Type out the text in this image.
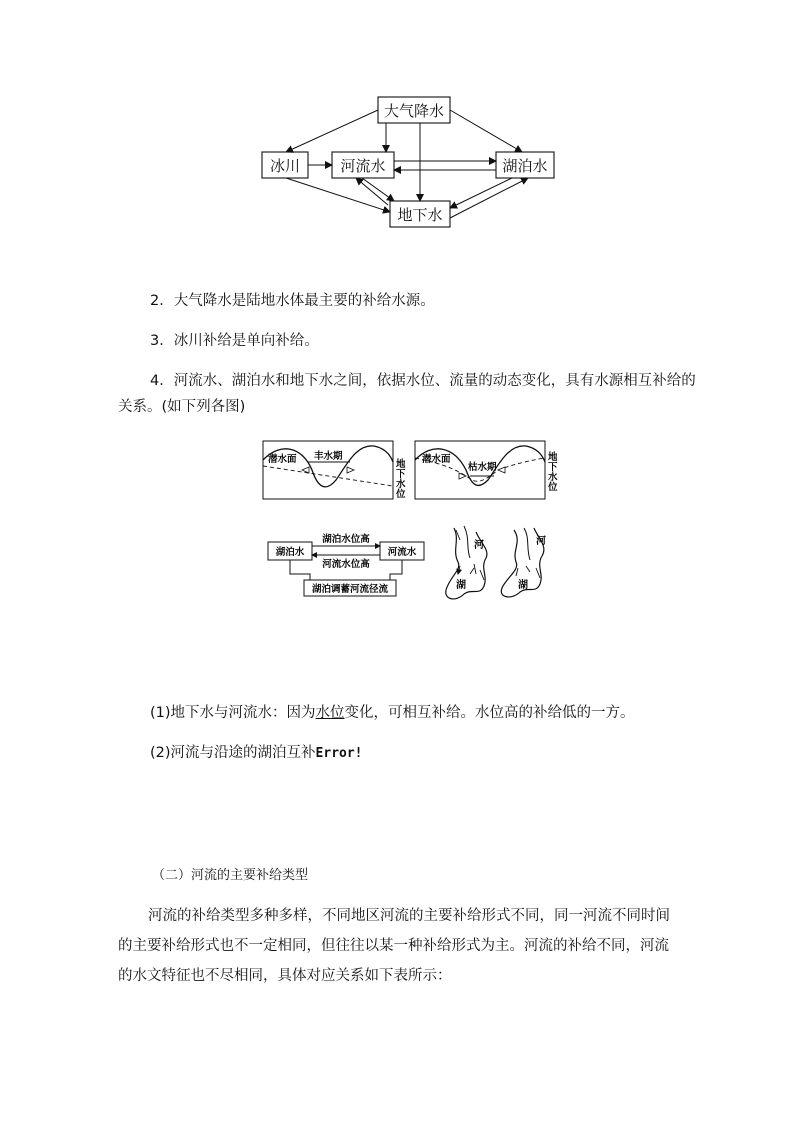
大气降水
冰川	河流水	湖泊水
地下水
2．大气降水是陆地水体最主要的补给水源。
3．冰川补给是单向补给。
4．河流水、湖泊水和地下水之间，依据水位、流量的动态变化，具有水源相互补给的
关系。(如下列各图)
潜水面 丰水期
地
下
水
位
潜水面
枯水期
地
下
水
位
湖泊水	河流水
湖泊水位高
河流水位高
湖泊调蓄河流径流
河
湖
河
湖
(1)地下水与河流水：因为水位变化，可相互补给。水位高的补给低的一方。
(2)河流与沿途的湖泊互补Error!
（二）河流的主要补给类型
河流的补给类型多种多样，不同地区河流的主要补给形式不同，同一河流不同时间的主要补给形式也不一定相同，但往往以某一种补给形式为主。河流的补给不同，河流的水文特征也不尽相同，具体对应关系如下表所示：
